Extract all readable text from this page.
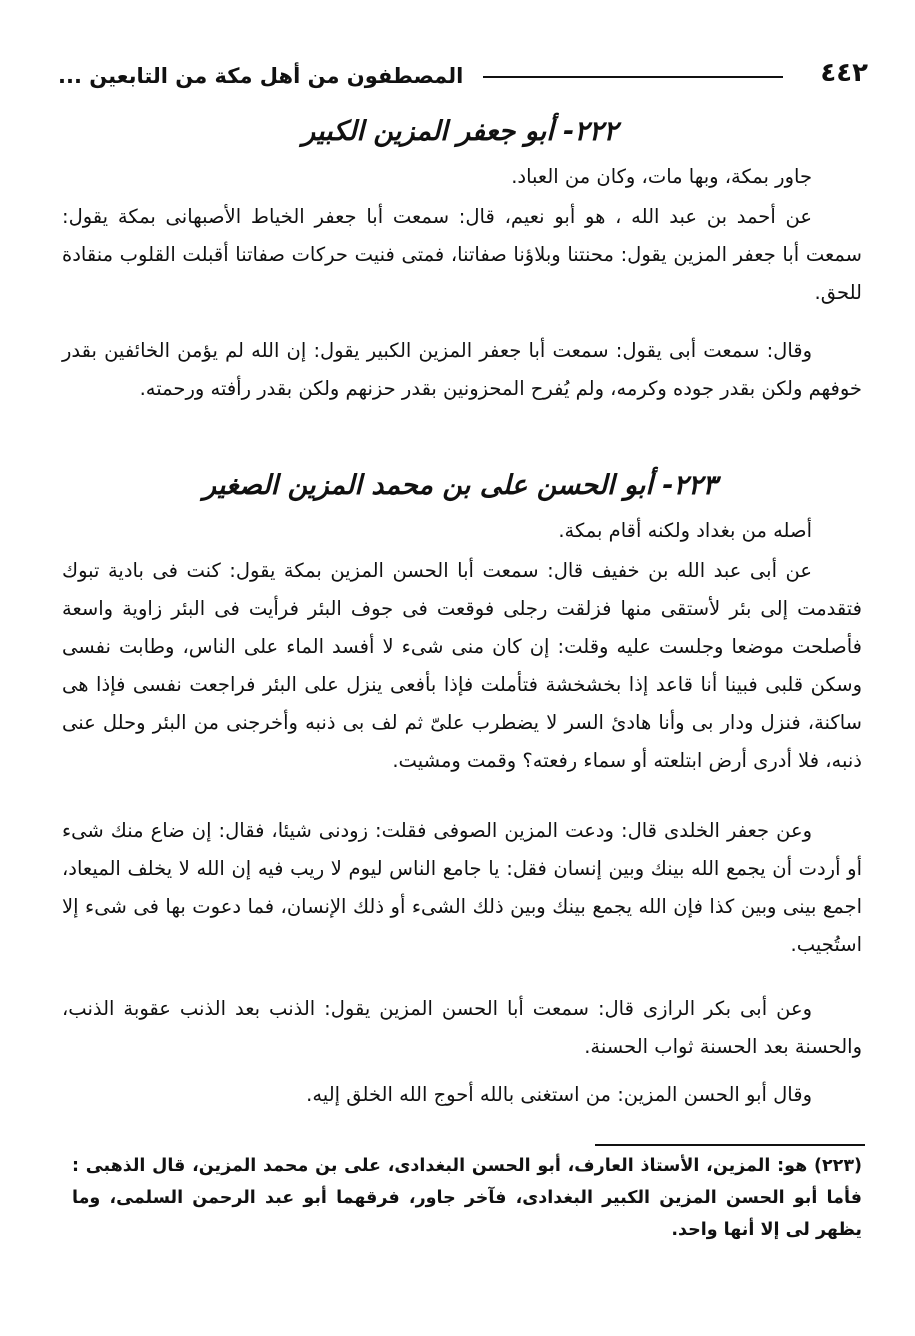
٤٤٢
المصطفون من أهل مكة من التابعين ...
٢٢٢- أبو جعفر المزين الكبير
جاور بمكة، وبها مات، وكان من العباد.
عن أحمد بن عبد الله ، هو أبو نعيم، قال: سمعت أبا جعفر الخياط الأصبهانى بمكة يقول: سمعت أبا جعفر المزين يقول: محنتنا وبلاؤنا صفاتنا، فمتى فنيت حركات صفاتنا أقبلت القلوب منقادة للحق.
وقال: سمعت أبى يقول: سمعت أبا جعفر المزين الكبير يقول: إن الله لم يؤمن الخائفين بقدر خوفهم ولكن بقدر جوده وكرمه، ولم يُفرح المحزونين بقدر حزنهم ولكن بقدر رأفته ورحمته.
٢٢٣- أبو الحسن على بن محمد المزين الصغير
أصله من بغداد ولكنه أقام بمكة.
عن أبى عبد الله بن خفيف قال: سمعت أبا الحسن المزين بمكة يقول: كنت فى بادية تبوك فتقدمت إلى بئر لأستقى منها فزلقت رجلى فوقعت فى جوف البئر فرأيت فى البئر زاوية واسعة فأصلحت موضعا وجلست عليه وقلت: إن كان منى شىء لا أفسد الماء على الناس، وطابت نفسى وسكن قلبى فبينا أنا قاعد إذا بخشخشة فتأملت فإذا بأفعى ينزل على البئر فراجعت نفسى فإذا هى ساكنة، فنزل ودار بى وأنا هادئ السر لا يضطرب علىّ ثم لف بى ذنبه وأخرجنى من البئر وحلل عنى ذنبه، فلا أدرى أرض ابتلعته أو سماء رفعته؟ وقمت ومشيت.
وعن جعفر الخلدى قال: ودعت المزين الصوفى فقلت: زودنى شيئا، فقال: إن ضاع منك شىء أو أردت أن يجمع الله بينك وبين إنسان فقل: يا جامع الناس ليوم لا ريب فيه إن الله لا يخلف الميعاد، اجمع بينى وبين كذا فإن الله يجمع بينك وبين ذلك الشىء أو ذلك الإنسان، فما دعوت بها فى شىء إلا استُجيب.
وعن أبى بكر الرازى قال: سمعت أبا الحسن المزين يقول: الذنب بعد الذنب عقوبة الذنب، والحسنة بعد الحسنة ثواب الحسنة.
وقال أبو الحسن المزين: من استغنى بالله أحوج الله الخلق إليه.
(٢٢٣) هو: المزين، الأستاذ العارف، أبو الحسن البغدادى، على بن محمد المزين، قال الذهبى : فأما أبو الحسن المزين الكبير البغدادى، فآخر جاور، فرقهما أبو عبد الرحمن السلمى، وما يظهر لى إلا أنها واحد.
